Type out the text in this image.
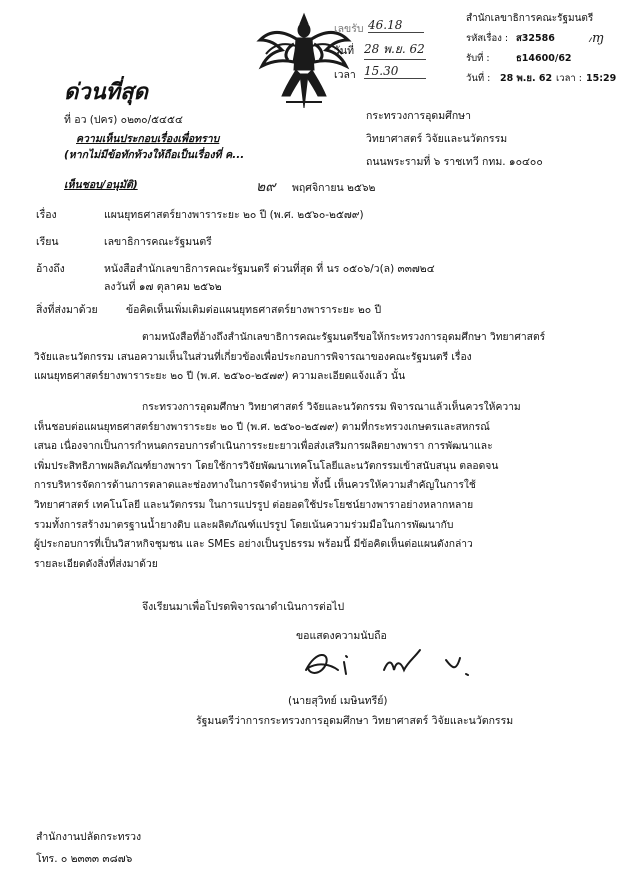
ด่วนที่สุด
ที่ อว (ปคร) ๐๒๓๐/๕๔๕๔
ความเห็นประกอบเรื่องเพื่อทราบ
(หากไม่มีข้อทักท้วงให้ถือเป็นเรื่องที่ ค...
เห็นชอบ/อนุมัติ)
เลขรับ 46.18
วันที่ 28 พ.ย. 62
เวลา 15.30
สำนักเลขาธิการคณะรัฐมนตรี
รหัสเรื่อง : ส32586	៸ɱ
รับที่ :	ธ14600/62
วันที่ : 28 พ.ย. 62 เวลา : 15:29
กระทรวงการอุดมศึกษา
วิทยาศาสตร์ วิจัยและนวัตกรรม
ถนนพระรามที่ ๖ ราชเทวี กทม. ๑๐๔๐๐
๒๙ พฤศจิกายน ๒๕๖๒
เรื่อง	แผนยุทธศาสตร์ยางพาราระยะ ๒๐ ปี (พ.ศ. ๒๕๖๐-๒๕๗๙)
เรียน	เลขาธิการคณะรัฐมนตรี
อ้างถึง	หนังสือสำนักเลขาธิการคณะรัฐมนตรี ด่วนที่สุด ที่ นร ๐๕๐๖/ว(ล) ๓๓๗๒๔
ลงวันที่ ๑๗ ตุลาคม ๒๕๖๒
สิ่งที่ส่งมาด้วย	ข้อคิดเห็นเพิ่มเติมต่อแผนยุทธศาสตร์ยางพาราระยะ ๒๐ ปี
ตามหนังสือที่อ้างถึงสำนักเลขาธิการคณะรัฐมนตรีขอให้กระทรวงการอุดมศึกษา วิทยาศาสตร์
วิจัยและนวัตกรรม เสนอความเห็นในส่วนที่เกี่ยวข้องเพื่อประกอบการพิจารณาของคณะรัฐมนตรี เรื่อง
แผนยุทธศาสตร์ยางพาราระยะ ๒๐ ปี (พ.ศ. ๒๕๖๐-๒๕๗๙) ความละเอียดแจ้งแล้ว นั้น
กระทรวงการอุดมศึกษา วิทยาศาสตร์ วิจัยและนวัตกรรม พิจารณาแล้วเห็นควรให้ความ
เห็นชอบต่อแผนยุทธศาสตร์ยางพาราระยะ ๒๐ ปี (พ.ศ. ๒๕๖๐-๒๕๗๙) ตามที่กระทรวงเกษตรและสหกรณ์
เสนอ เนื่องจากเป็นการกำหนดกรอบการดำเนินการระยะยาวเพื่อส่งเสริมการผลิตยางพารา การพัฒนาและ
เพิ่มประสิทธิภาพผลิตภัณฑ์ยางพารา โดยใช้การวิจัยพัฒนาเทคโนโลยีและนวัตกรรมเข้าสนับสนุน ตลอดจน
การบริหารจัดการด้านการตลาดและช่องทางในการจัดจำหน่าย ทั้งนี้ เห็นควรให้ความสำคัญในการใช้
วิทยาศาสตร์ เทคโนโลยี และนวัตกรรม ในการแปรรูป ต่อยอดใช้ประโยชน์ยางพาราอย่างหลากหลาย
รวมทั้งการสร้างมาตรฐานน้ำยางดิบ และผลิตภัณฑ์แปรรูป โดยเน้นความร่วมมือในการพัฒนากับ
ผู้ประกอบการที่เป็นวิสาหกิจชุมชน และ SMEs อย่างเป็นรูปธรรม พร้อมนี้ มีข้อคิดเห็นต่อแผนดังกล่าว
รายละเอียดดังสิ่งที่ส่งมาด้วย
จึงเรียนมาเพื่อโปรดพิจารณาดำเนินการต่อไป
ขอแสดงความนับถือ
(นายสุวิทย์ เมษินทรีย์)
รัฐมนตรีว่าการกระทรวงการอุดมศึกษา วิทยาศาสตร์ วิจัยและนวัตกรรม
สำนักงานปลัดกระทรวง
โทร. ๐ ๒๓๓๓ ๓๘๗๖
